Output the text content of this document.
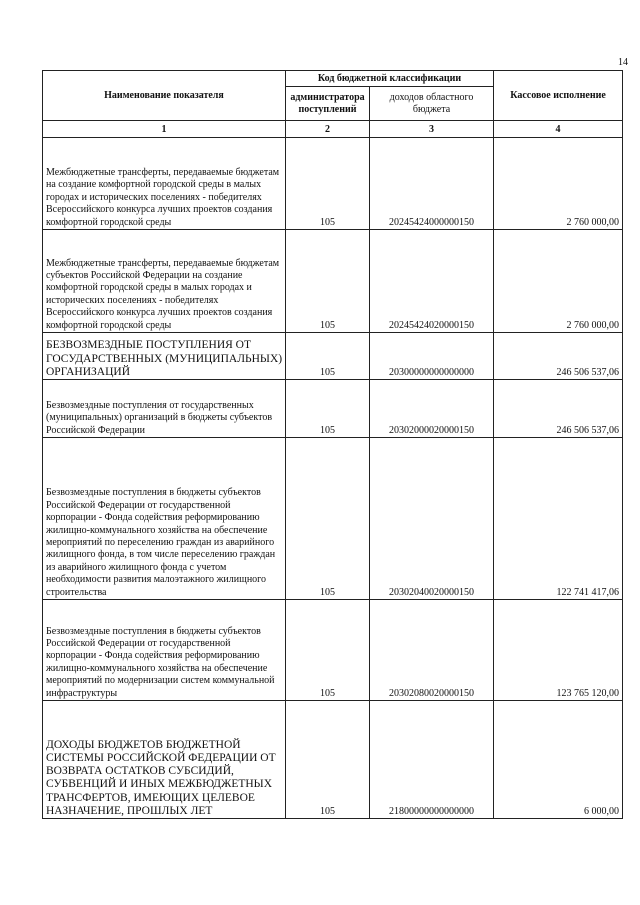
14
Наименование показателя	Код бюджетной классификации		Кассовое исполнение
	администратора поступлений	доходов областного бюджета	
1	2	3	4
Межбюджетные трансферты, передаваемые бюджетам на создание комфортной городской среды в малых городах и исторических поселениях - победителях Всероссийского конкурса лучших проектов создания комфортной городской среды	105	20245424000000150	2 760 000,00
Межбюджетные трансферты, передаваемые бюджетам субъектов Российской Федерации на создание комфортной городской среды в малых городах и исторических поселениях - победителях Всероссийского конкурса лучших проектов создания комфортной городской среды	105	20245424020000150	2 760 000,00
БЕЗВОЗМЕЗДНЫЕ ПОСТУПЛЕНИЯ ОТ ГОСУДАРСТВЕННЫХ (МУНИЦИПАЛЬНЫХ) ОРГАНИЗАЦИЙ	105	20300000000000000	246 506 537,06
Безвозмездные поступления от государственных (муниципальных) организаций в бюджеты субъектов Российской Федерации	105	20302000020000150	246 506 537,06
Безвозмездные поступления в бюджеты субъектов Российской Федерации от государственной корпорации - Фонда содействия реформированию жилищно-коммунального хозяйства на обеспечение мероприятий по переселению граждан из аварийного жилищного фонда, в том числе переселению граждан из аварийного жилищного фонда с учетом необходимости развития малоэтажного жилищного строительства	105	20302040020000150	122 741 417,06
Безвозмездные поступления в бюджеты субъектов Российской Федерации от государственной корпорации - Фонда содействия реформированию жилищно-коммунального хозяйства на обеспечение мероприятий по модернизации систем коммунальной инфраструктуры	105	20302080020000150	123 765 120,00
ДОХОДЫ БЮДЖЕТОВ БЮДЖЕТНОЙ СИСТЕМЫ РОССИЙСКОЙ ФЕДЕРАЦИИ ОТ ВОЗВРАТА ОСТАТКОВ СУБСИДИЙ, СУБВЕНЦИЙ И ИНЫХ МЕЖБЮДЖЕТНЫХ ТРАНСФЕРТОВ, ИМЕЮЩИХ ЦЕЛЕВОЕ НАЗНАЧЕНИЕ, ПРОШЛЫХ ЛЕТ	105	21800000000000000	6 000,00
